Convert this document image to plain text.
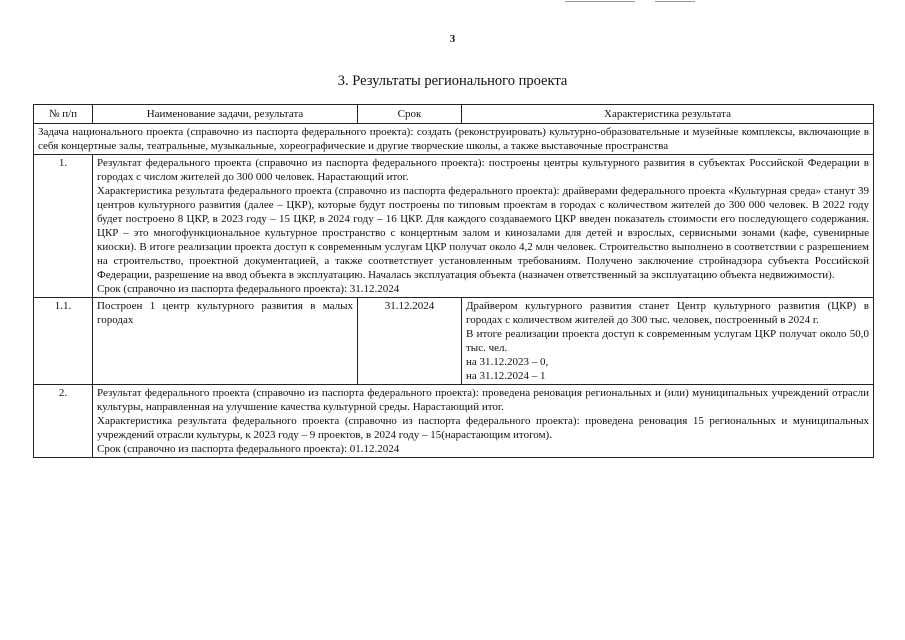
3
3. Результаты регионального проекта
№ п/п	Наименование задачи, результата	Срок	Характеристика результата
Задача национального проекта (справочно из паспорта федерального проекта): создать (реконструировать) культурно-образовательные и музейные комплексы, включающие в себя концертные залы, театральные, музыкальные, хореографические и другие творческие школы, а также выставочные пространства			
1.	Результат федерального проекта (справочно из паспорта федерального проекта): построены центры культурного развития в субъектах Российской Федерации в городах с числом жителей до 300 000 человек. Нарастающий итог.

Характеристика результата федерального проекта (справочно из паспорта федерального проекта): драйверами федерального проекта «Культурная среда» станут 39 центров культурного развития (далее – ЦКР), которые будут построены по типовым проектам в городах с количеством жителей до 300 000 человек. В 2022 году будет построено 8 ЦКР, в 2023 году – 15 ЦКР, в 2024 году – 16 ЦКР. Для каждого создаваемого ЦКР введен показатель стоимости его последующего содержания. ЦКР – это многофункциональное культурное пространство с концертным залом и кинозалами для детей и взрослых, сервисными зонами (кафе, сувенирные киоски). В итоге реализации проекта доступ к современным услугам ЦКР получат около 4,2 млн человек. Строительство выполнено в соответствии с разрешением на строительство, проектной документацией, а также соответствует установленным требованиям. Получено заключение стройнадзора субъекта Российской Федерации, разрешение на ввод объекта в эксплуатацию. Началась эксплуатация объекта (назначен ответственный за эксплуатацию объекта недвижимости).

Срок (справочно из паспорта федерального проекта): 31.12.2024		

1.1.	Построен 1 центр культурного развития в малых городах	31.12.2024	Драйвером культурного развития станет Центр культурного развития (ЦКР) в городах с количеством жителей до 300 тыс. человек, построенный в 2024 г.

В итоге реализации проекта доступ к современным услугам ЦКР получат около 50,0 тыс. чел.

на 31.12.2023 – 0,

на 31.12.2024 – 1

2.	Результат федерального проекта (справочно из паспорта федерального проекта): проведена реновация региональных и (или) муниципальных учреждений отрасли культуры, направленная на улучшение качества культурной среды. Нарастающий итог.

Характеристика результата федерального проекта (справочно из паспорта федерального проекта): проведена реновация 15 региональных и муниципальных учреждений отрасли культуры, к 2023 году – 9 проектов, в 2024 году – 15(нарастающим итогом).

Срок (справочно из паспорта федерального проекта): 01.12.2024		
